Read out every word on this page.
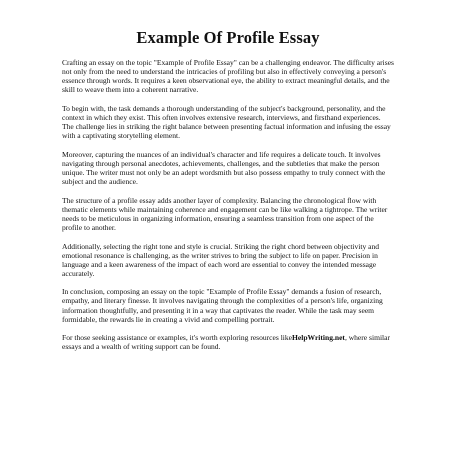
Example Of Profile Essay

Crafting an essay on the topic "Example of Profile Essay" can be a challenging endeavor. The difficulty arises not only from the need to understand the intricacies of profiling but also in effectively conveying a person's essence through words. It requires a keen observational eye, the ability to extract meaningful details, and the skill to weave them into a coherent narrative.

To begin with, the task demands a thorough understanding of the subject's background, personality, and the context in which they exist. This often involves extensive research, interviews, and firsthand experiences. The challenge lies in striking the right balance between presenting factual information and infusing the essay with a captivating storytelling element.

Moreover, capturing the nuances of an individual's character and life requires a delicate touch. It involves navigating through personal anecdotes, achievements, challenges, and the subtleties that make the person unique. The writer must not only be an adept wordsmith but also possess empathy to truly connect with the subject and the audience.

The structure of a profile essay adds another layer of complexity. Balancing the chronological flow with thematic elements while maintaining coherence and engagement can be like walking a tightrope. The writer needs to be meticulous in organizing information, ensuring a seamless transition from one aspect of the profile to another.

Additionally, selecting the right tone and style is crucial. Striking the right chord between objectivity and emotional resonance is challenging, as the writer strives to bring the subject to life on paper. Precision in language and a keen awareness of the impact of each word are essential to convey the intended message accurately.

In conclusion, composing an essay on the topic "Example of Profile Essay" demands a fusion of research, empathy, and literary finesse. It involves navigating through the complexities of a person's life, organizing information thoughtfully, and presenting it in a way that captivates the reader. While the task may seem formidable, the rewards lie in creating a vivid and compelling portrait.

For those seeking assistance or examples, it's worth exploring resources likeHelpWriting.net, where similar essays and a wealth of writing support can be found.
